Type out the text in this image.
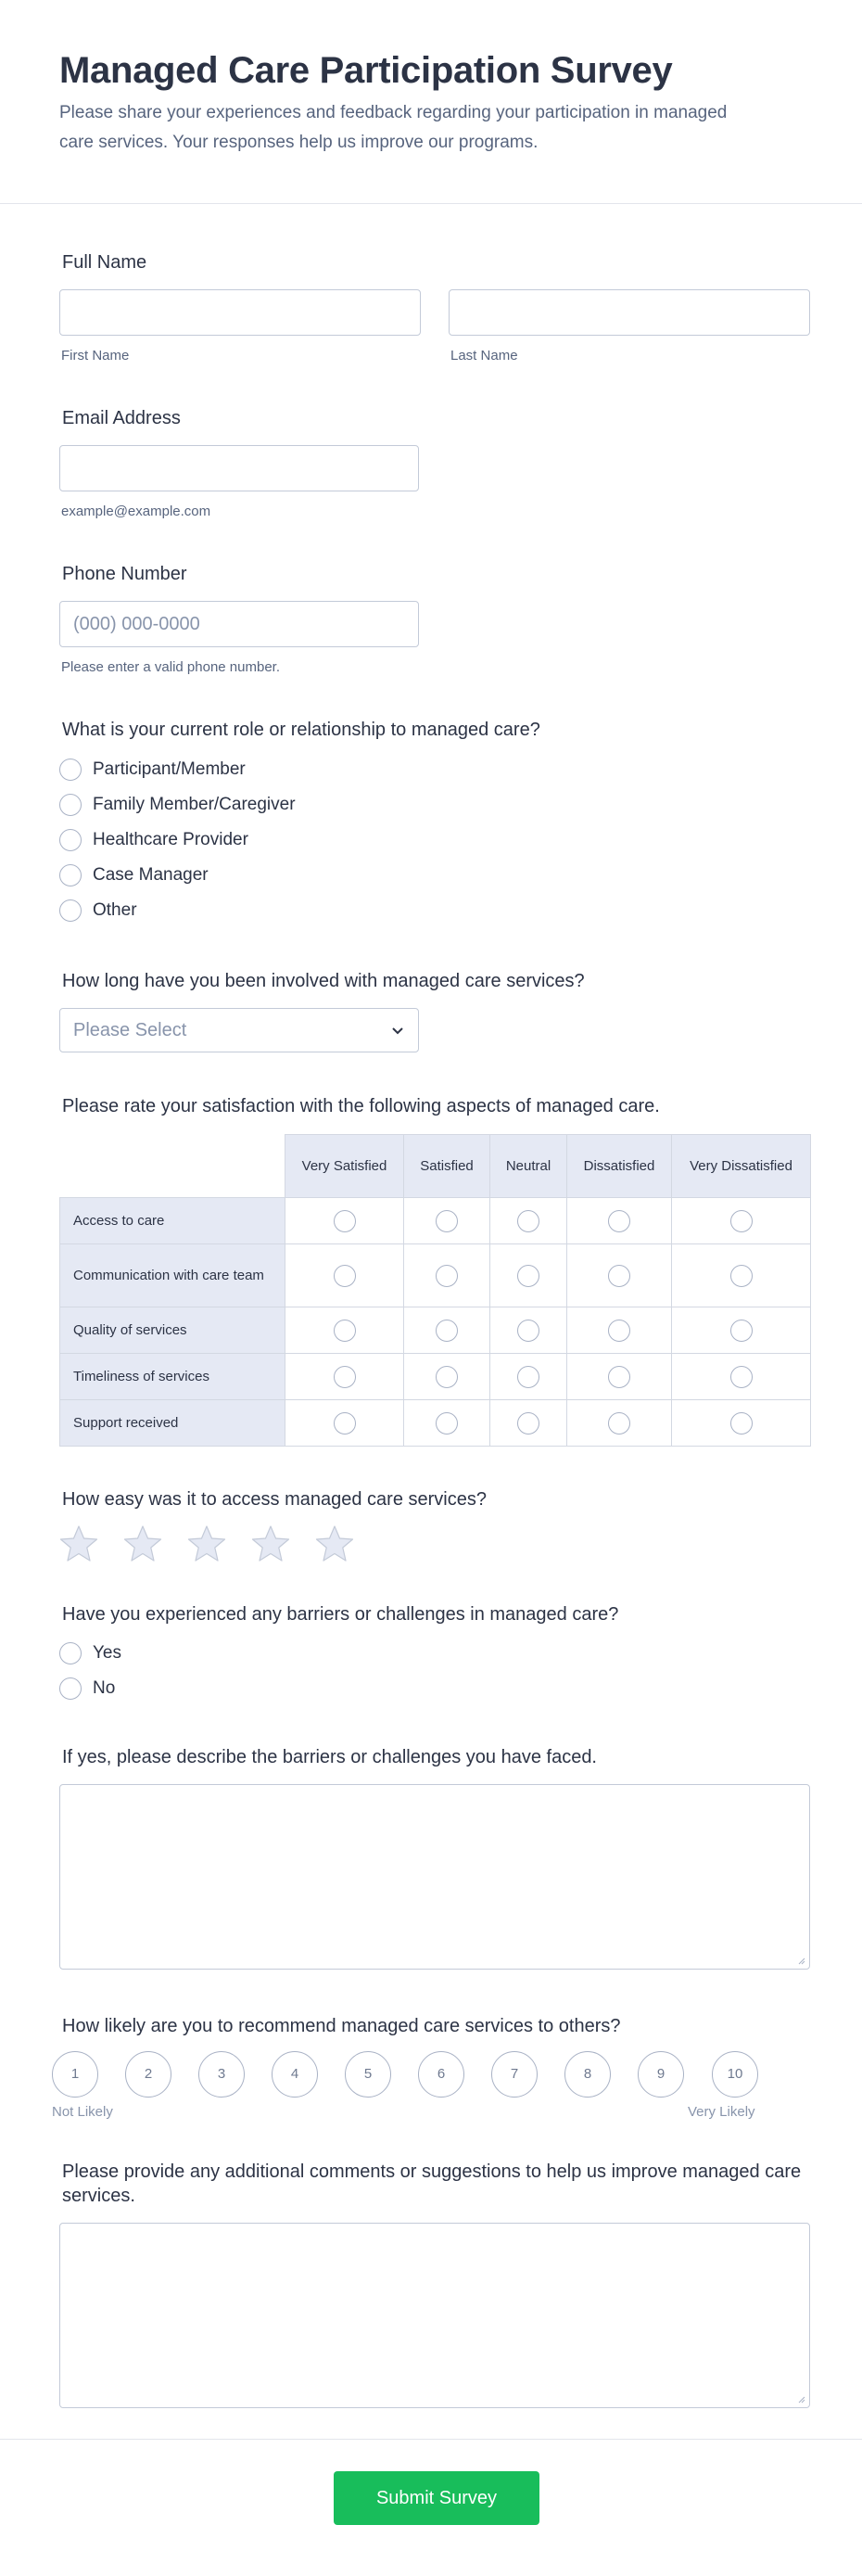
Managed Care Participation Survey

Please share your experiences and feedback regarding your participation in managed care services. Your responses help us improve our programs.

Full Name
First Name	Last Name
Email Address
example@example.com
Phone Number
(000) 000-0000
Please enter a valid phone number.
What is your current role or relationship to managed care?
Participant/Member
Family Member/Caregiver
Healthcare Provider
Case Manager
Other
How long have you been involved with managed care services?
Please Select
Please rate your satisfaction with the following aspects of managed care.
	Very Satisfied	Satisfied	Neutral	Dissatisfied	Very Dissatisfied
Access to care					
Communication with care team					
Quality of services					
Timeliness of services					
Support received					
How easy was it to access managed care services?
Have you experienced any barriers or challenges in managed care?
Yes
No
If yes, please describe the barriers or challenges you have faced.
How likely are you to recommend managed care services to others?
1	2	3	4	5	6	7	8	9	10
Not Likely	Very Likely
Please provide any additional comments or suggestions to help us improve managed care services.
Submit Survey
